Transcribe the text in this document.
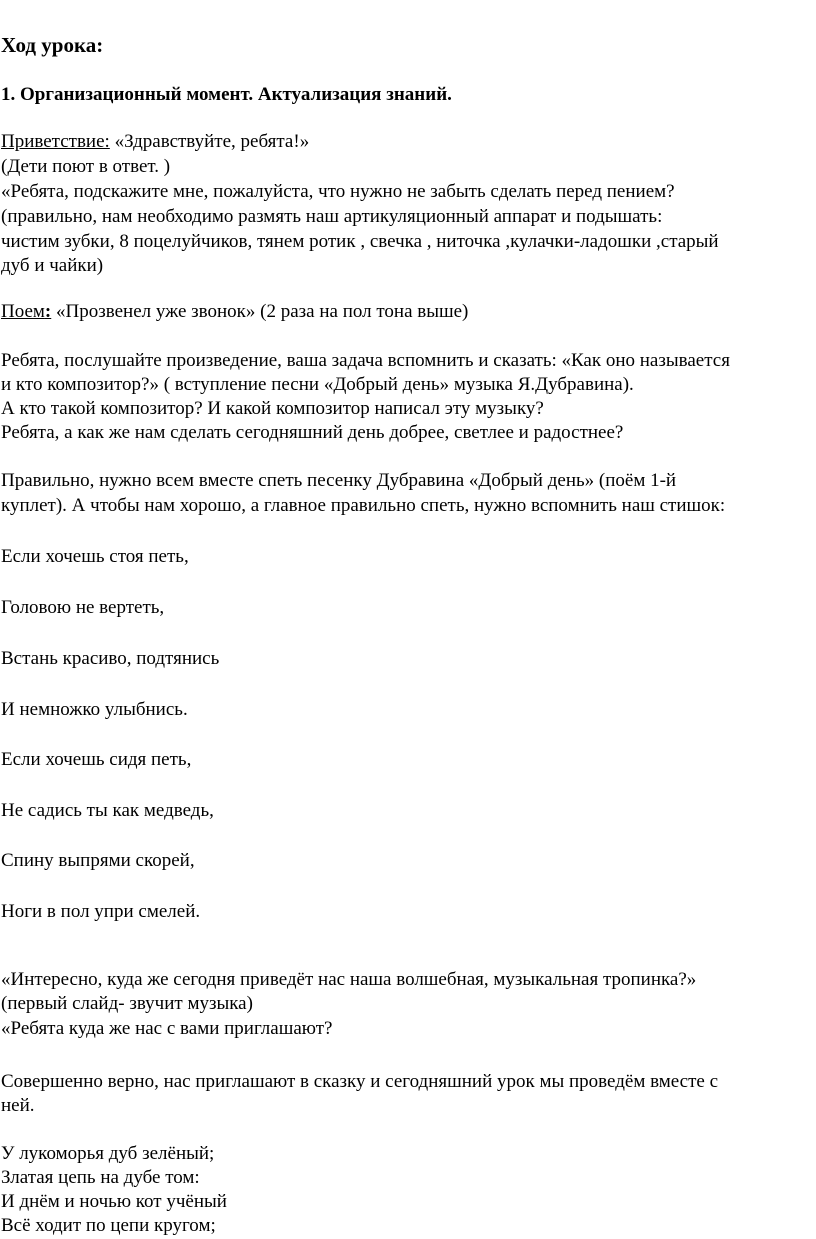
Ход урока:
1. Организационный момент. Актуализация знаний.
Приветствие: «Здравствуйте, ребята!»
(Дети поют в ответ. )
«Ребята, подскажите мне, пожалуйста, что нужно не забыть сделать перед пением?
(правильно, нам необходимо размять наш артикуляционный аппарат и подышать:
чистим зубки, 8 поцелуйчиков, тянем ротик , свечка , ниточка ,кулачки-ладошки ,старый
дуб и чайки)
Поем: «Прозвенел уже звонок» (2 раза на пол тона выше)
Ребята, послушайте произведение, ваша задача вспомнить и сказать: «Как оно называется
и кто композитор?» ( вступление песни «Добрый день» музыка Я.Дубравина).
А кто такой композитор? И какой композитор написал эту музыку?
Ребята, а как же нам сделать сегодняшний день добрее, светлее и радостнее?
Правильно, нужно всем вместе спеть песенку Дубравина «Добрый день» (поём 1-й
куплет). А чтобы нам хорошо, а главное правильно спеть, нужно вспомнить наш стишок:
Если хочешь стоя петь,
Головою не вертеть,
Встань красиво, подтянись
И немножко улыбнись.
Если хочешь сидя петь,
Не садись ты как медведь,
Спину выпрями скорей,
Ноги в пол упри смелей.
«Интересно, куда же сегодня приведёт нас наша волшебная, музыкальная тропинка?»
(первый слайд- звучит музыка)
«Ребята куда же нас с вами приглашают?
Совершенно верно, нас приглашают в сказку и сегодняшний урок мы проведём вместе с
ней.
У лукоморья дуб зелёный;
Златая цепь на дубе том:
И днём и ночью кот учёный
Всё ходит по цепи кругом;
